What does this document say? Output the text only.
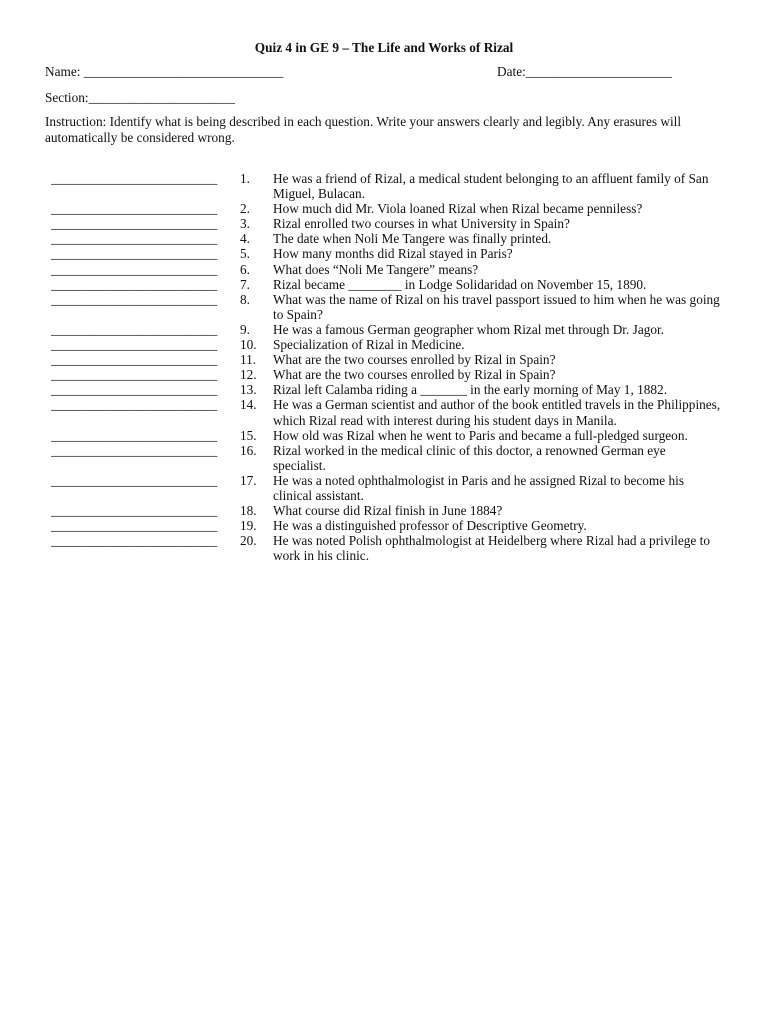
Quiz 4 in GE 9 – The Life and Works of Rizal
Name: ______________________________	Date:______________________
Section:______________________
Instruction: Identify what is being described in each question. Write your answers clearly and legibly. Any erasures will automatically be considered wrong.
_________________________	1.	He was a friend of Rizal, a medical student belonging to an affluent family of San Miguel, Bulacan.
_________________________	2.	How much did Mr. Viola loaned Rizal when Rizal became penniless?
_________________________	3.	Rizal enrolled two courses in what University in Spain?
_________________________	4.	The date when Noli Me Tangere was finally printed.
_________________________	5.	How many months did Rizal stayed in Paris?
_________________________	6.	What does “Noli Me Tangere” means?
_________________________	7.	Rizal became ________ in Lodge Solidaridad on November 15, 1890.
_________________________	8.	What was the name of Rizal on his travel passport issued to him when he was going to Spain?
_________________________	9.	He was a famous German geographer whom Rizal met through Dr. Jagor.
_________________________	10.	Specialization of Rizal in Medicine.
_________________________	11.	What are the two courses enrolled by Rizal in Spain?
_________________________	12.	What are the two courses enrolled by Rizal in Spain?
_________________________	13.	Rizal left Calamba riding a _______ in the early morning of May 1, 1882.
_________________________	14.	He was a German scientist and author of the book entitled travels in the Philippines, which Rizal read with interest during his student days in Manila.
_________________________	15.	How old was Rizal when he went to Paris and became a full-pledged surgeon.
_________________________	16.	Rizal worked in the medical clinic of this doctor, a renowned German eye specialist.
_________________________	17.	He was a noted ophthalmologist in Paris and he assigned Rizal to become his clinical assistant.
_________________________	18.	What course did Rizal finish in June 1884?
_________________________	19.	He was a distinguished professor of Descriptive Geometry.
_________________________	20.	He was noted Polish ophthalmologist at Heidelberg where Rizal had a privilege to work in his clinic.
